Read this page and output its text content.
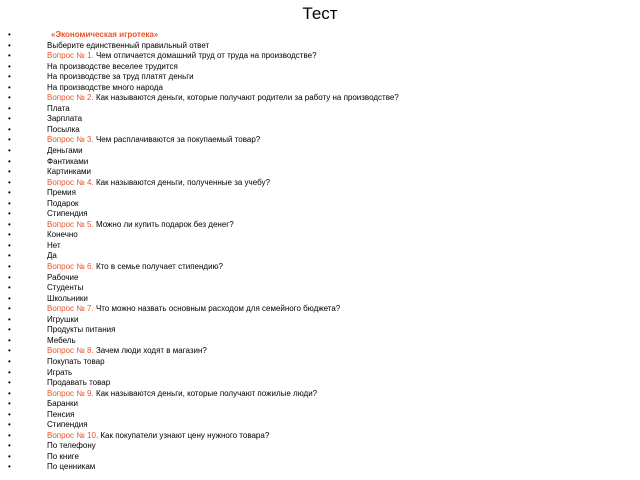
Тест
•	«Экономическая игротека»
•	Выберите единственный правильный ответ
•	Вопрос № 1. Чем отличается домашний труд от труда на производстве?
•	На производстве веселее трудится
•	На производстве за труд платят деньги
•	На производстве много народа
•	Вопрос № 2. Как называются деньги, которые получают родители за работу на производстве?
•	Плата
•	Зарплата
•	Посылка
•	Вопрос № 3. Чем расплачиваются за покупаемый товар?
•	Деньгами
•	Фантиками
•	Картинками
•	Вопрос № 4. Как называются деньги, полученные за учебу?
•	Премия
•	Подарок
•	Стипендия
•	Вопрос № 5. Можно ли купить подарок без денег?
•	Конечно
•	Нет
•	Да
•	Вопрос № 6. Кто в семье получает стипендию?
•	Рабочие
•	Студенты
•	Школьники
•	Вопрос № 7. Что можно назвать основным расходом для семейного бюджета?
•	Игрушки
•	Продукты питания
•	Мебель
•	Вопрос № 8. Зачем люди ходят в магазин?
•	Покупать товар
•	Играть
•	Продавать товар
•	Вопрос № 9. Как называются деньги, которые получают пожилые люди?
•	Баранки
•	Пенсия
•	Стипендия
•	Вопрос № 10. Как покупатели узнают цену нужного товара?
•	По телефону
•	По книге
•	По ценникам
